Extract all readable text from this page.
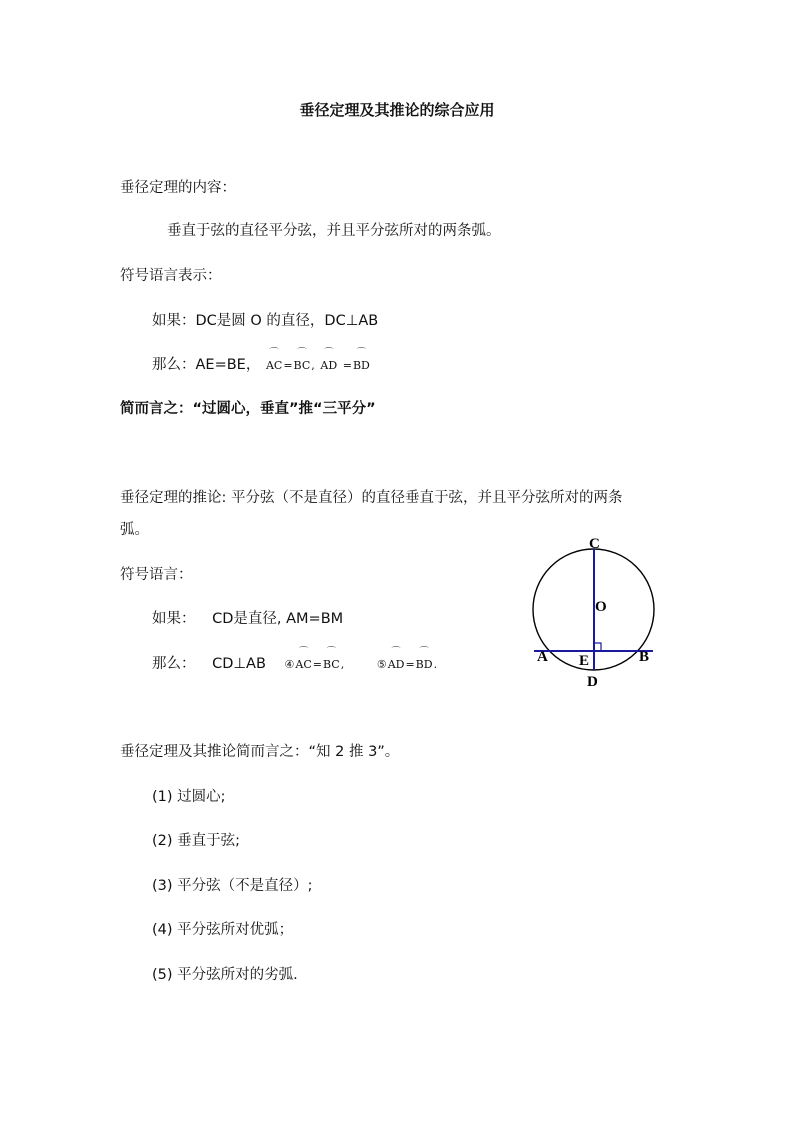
垂径定理及其推论的综合应用
垂径定理的内容：
垂直于弦的直径平分弦，并且平分弦所对的两条弧。
符号语言表示：
如果：DC是圆 O 的直径，DC⊥AB
那么：AE=BE，
⌒
AC=
⌒
BC,
⌒
AD =
⌒
BD
简而言之：“过圆心，垂直”推“三平分”
垂径定理的推论: 平分弦（不是直径）的直径垂直于弦，并且平分弦所对的两条
弧。
符号语言：
如果： CD是直径, AM=BM
那么： CD⊥AB ④
⌒
AC=
⌒
BC,	⑤
⌒
AD=
⌒
BD.
C
O
A	B
E
D
垂径定理及其推论简而言之：“知 2 推 3”。
(1) 过圆心;
(2) 垂直于弦;
(3) 平分弦（不是直径）;
(4) 平分弦所对优弧；
(5) 平分弦所对的劣弧.
